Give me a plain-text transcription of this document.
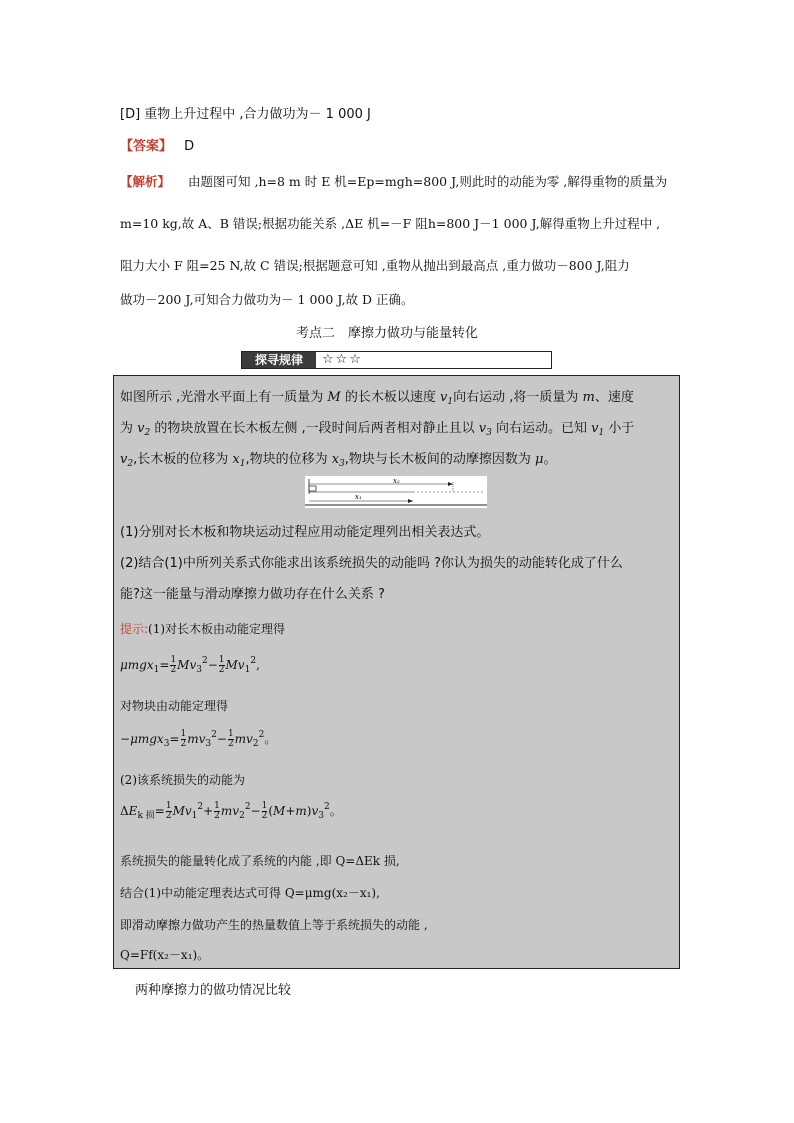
[D] 重物上升过程中 ,合力做功为－ 1 000 J
【答案】 D
【解析】 由题图可知 ,h=8 m 时 E 机=Ep=mgh=800 J,则此时的动能为零 ,解得重物的质量为
m=10 kg,故 A、B 错误;根据功能关系 ,ΔE 机=－F 阻h=800 J－1 000 J,解得重物上升过程中 ,
阻力大小 F 阻=25 N,故 C 错误;根据题意可知 ,重物从抛出到最高点 ,重力做功－800 J,阻力
做功－200 J,可知合力做功为－ 1 000 J,故 D 正确。
考点二　摩擦力做功与能量转化
探寻规律	☆☆☆
如图所示 ,光滑水平面上有一质量为 M 的长木板以速度 $v_1$向右运动 ,将一质量为 m、速度
为 $v_2$ 的物块放置在长木板左侧 ,一段时间后两者相对静止且以 $v_3$ 向右运动。已知 $v_1$ 小于
$v_2$,长木板的位移为 $x_1$,物块的位移为 $x_3$,物块与长木板间的动摩擦因数为 μ。
x₂
x₁
(1)分别对长木板和物块运动过程应用动能定理列出相关表达式。
(2)结合(1)中所列关系式你能求出该系统损失的动能吗 ?你认为损失的动能转化成了什么
能?这一能量与滑动摩擦力做功存在什么关系 ?
提示:(1)对长木板由动能定理得
$\mu mgx_1= \frac{1}{2} Mv_3^2- \frac{1}{2} Mv_1^2$,
对物块由动能定理得
$-\mu mgx_3= \frac{1}{2} mv_3^2- \frac{1}{2} mv_2^2$。
(2)该系统损失的动能为
$\Delta E_{k 损}= \frac{1}{2} Mv_1^2+ \frac{1}{2} mv_2^2- \frac{1}{2} (M+m)v_3^2$。
系统损失的能量转化成了系统的内能 ,即 Q=ΔEk 损,
结合(1)中动能定理表达式可得 Q=μmg(x₂－x₁),
即滑动摩擦力做功产生的热量数值上等于系统损失的动能 ,
Q=Ff(x₂－x₁)。
两种摩擦力的做功情况比较
